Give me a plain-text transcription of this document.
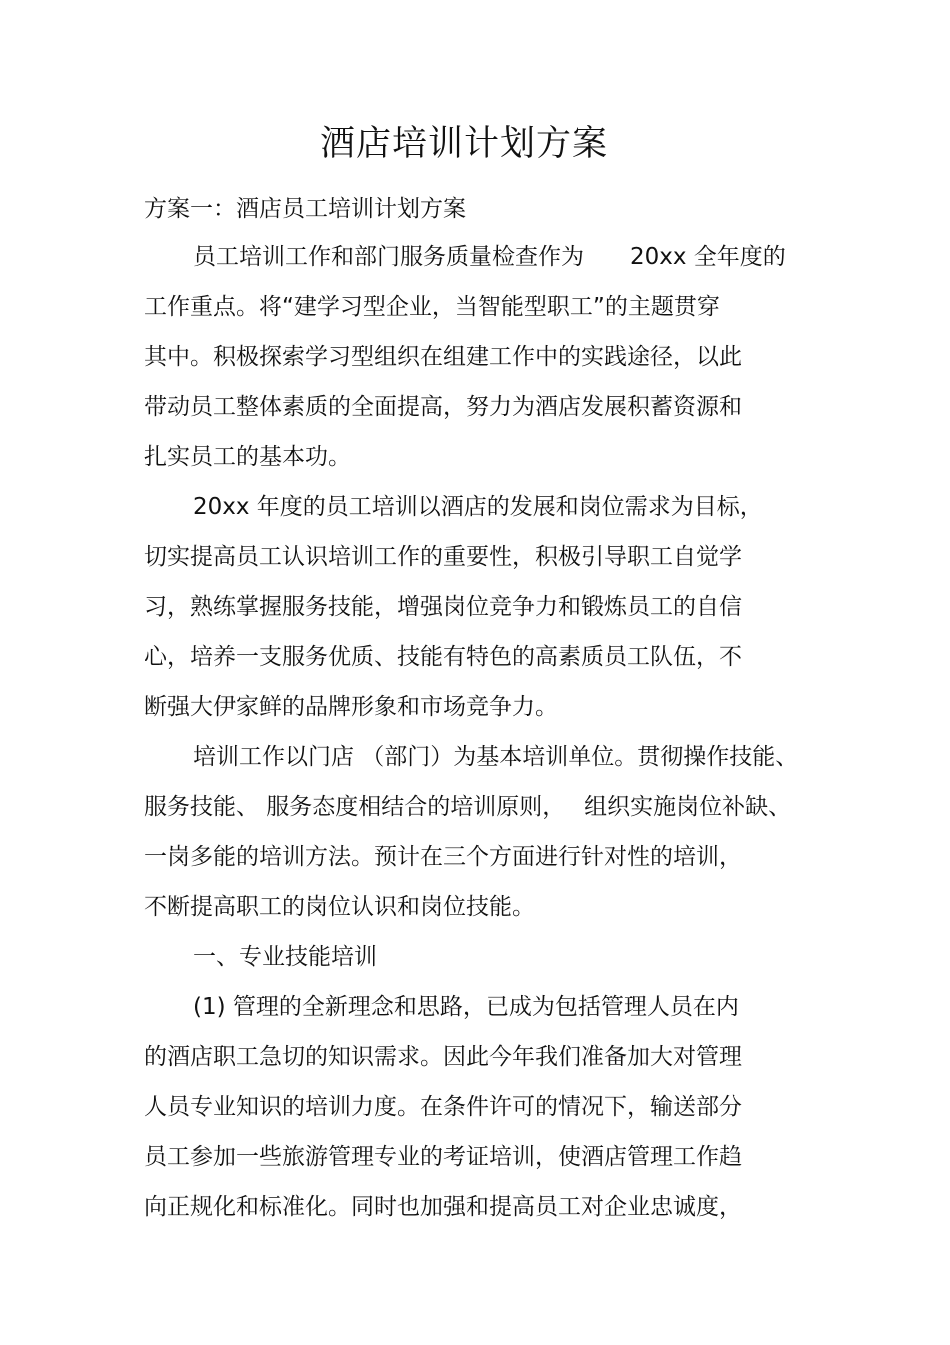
酒店培训计划方案
方案一：酒店员工培训计划方案
员工培训工作和部门服务质量检查作为　　20xx 全年度的
工作重点。将“建学习型企业，当智能型职工”的主题贯穿
其中。积极探索学习型组织在组建工作中的实践途径，以此
带动员工整体素质的全面提高，努力为酒店发展积蓄资源和
扎实员工的基本功。
20xx 年度的员工培训以酒店的发展和岗位需求为目标，
切实提高员工认识培训工作的重要性，积极引导职工自觉学
习，熟练掌握服务技能，增强岗位竞争力和锻炼员工的自信
心，培养一支服务优质、技能有特色的高素质员工队伍，不
断强大伊家鲜的品牌形象和市场竞争力。
培训工作以门店 （部门）为基本培训单位。贯彻操作技能、
服务技能、 服务态度相结合的培训原则，　 组织实施岗位补缺、
一岗多能的培训方法。预计在三个方面进行针对性的培训，
不断提高职工的岗位认识和岗位技能。
一、专业技能培训
(1) 管理的全新理念和思路，已成为包括管理人员在内
的酒店职工急切的知识需求。因此今年我们准备加大对管理
人员专业知识的培训力度。在条件许可的情况下，输送部分
员工参加一些旅游管理专业的考证培训，使酒店管理工作趋
向正规化和标准化。同时也加强和提高员工对企业忠诚度，
